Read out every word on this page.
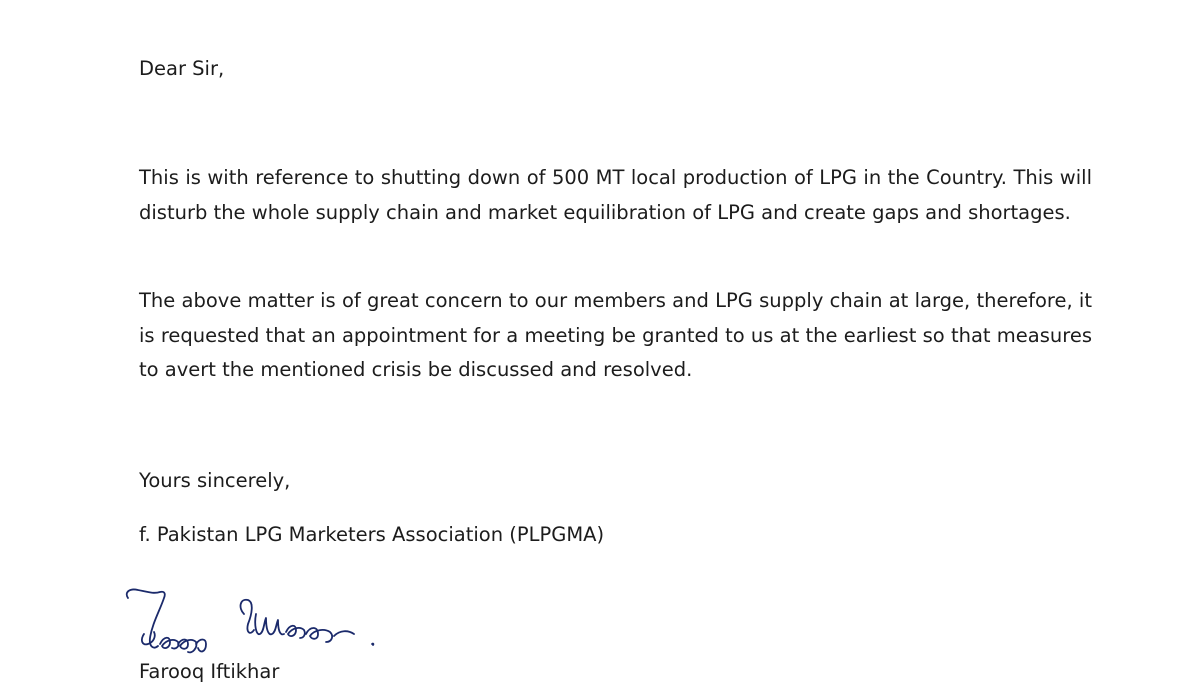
Dear Sir,

This is with reference to shutting down of 500 MT local production of LPG in the Country. This will disturb the whole supply chain and market equilibration of LPG and create gaps and shortages.

The above matter is of great concern to our members and LPG supply chain at large, therefore, it is requested that an appointment for a meeting be granted to us at the earliest so that measures to avert the mentioned crisis be discussed and resolved.

Yours sincerely,

f. Pakistan LPG Marketers Association (PLPGMA)

Farooq Iftikhar
